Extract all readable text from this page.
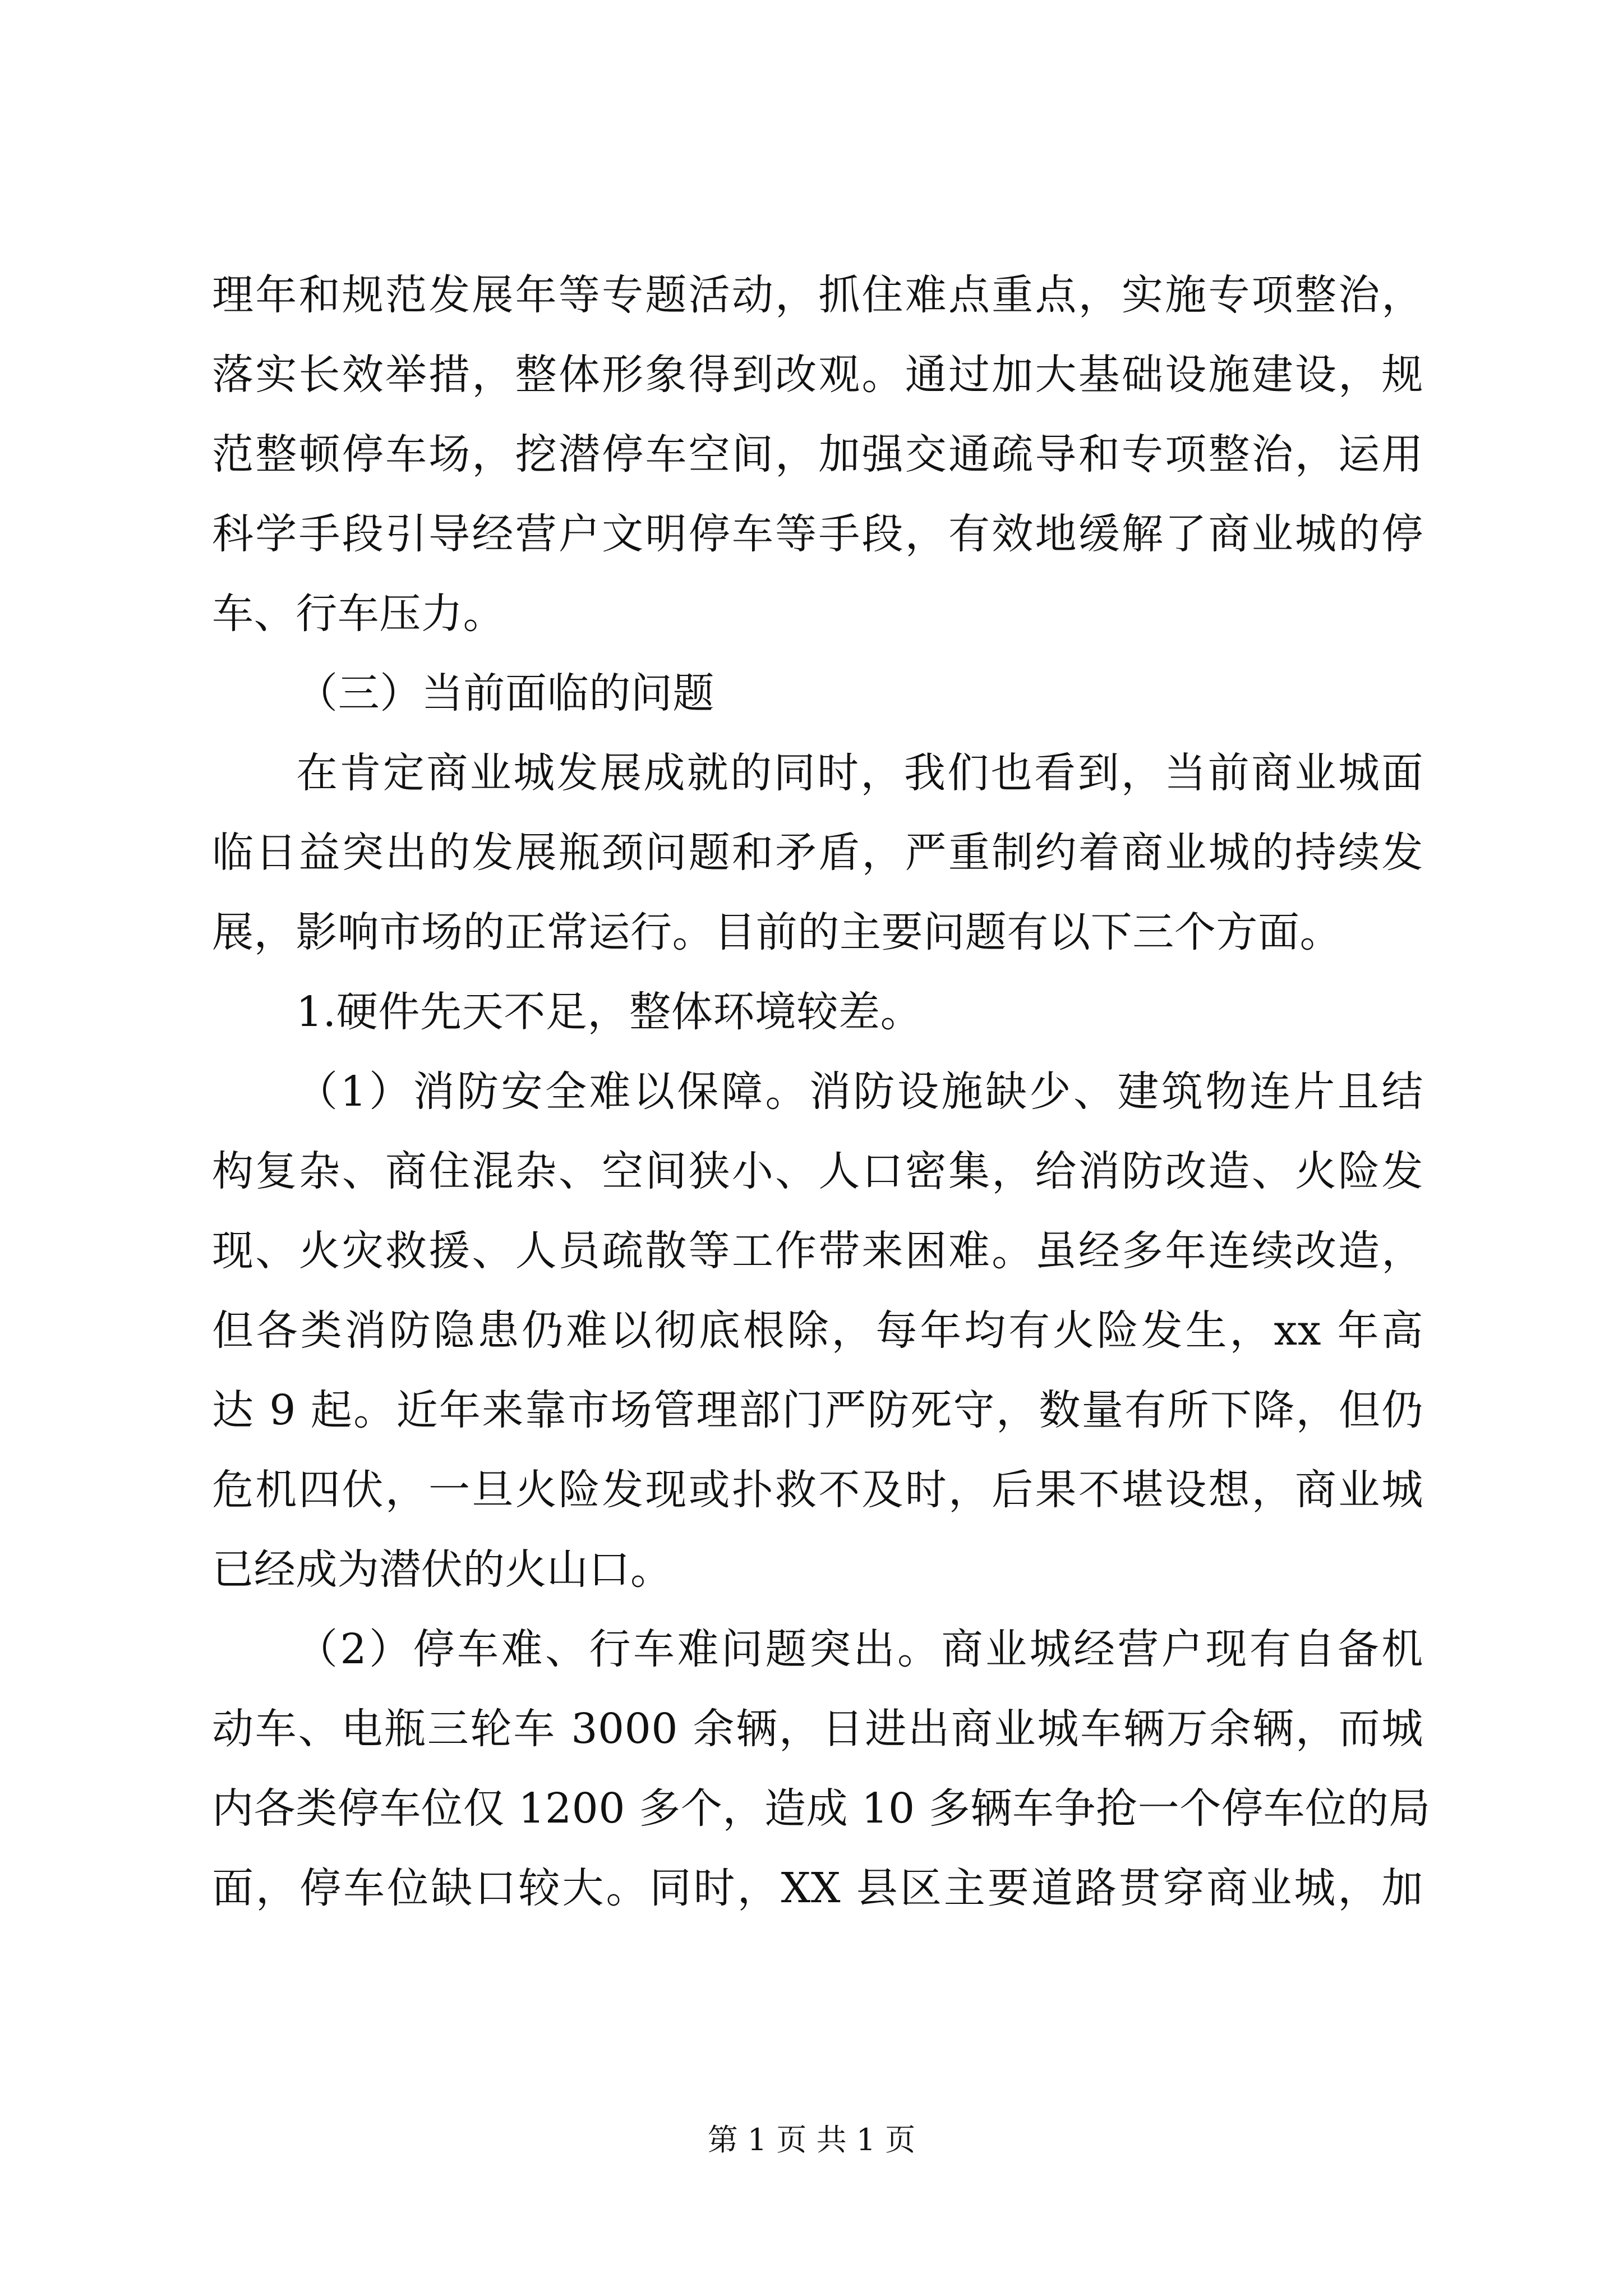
理年和规范发展年等专题活动，抓住难点重点，实施专项整治，
落实长效举措，整体形象得到改观。通过加大基础设施建设，规
范整顿停车场，挖潜停车空间，加强交通疏导和专项整治，运用
科学手段引导经营户文明停车等手段，有效地缓解了商业城的停
车、行车压力。
（三）当前面临的问题
在肯定商业城发展成就的同时，我们也看到，当前商业城面
临日益突出的发展瓶颈问题和矛盾，严重制约着商业城的持续发
展，影响市场的正常运行。目前的主要问题有以下三个方面。
1.硬件先天不足，整体环境较差。
（1）消防安全难以保障。消防设施缺少、建筑物连片且结
构复杂、商住混杂、空间狭小、人口密集，给消防改造、火险发
现、火灾救援、人员疏散等工作带来困难。虽经多年连续改造，
但各类消防隐患仍难以彻底根除，每年均有火险发生，xx 年高
达 9 起。近年来靠市场管理部门严防死守，数量有所下降，但仍
危机四伏，一旦火险发现或扑救不及时，后果不堪设想，商业城
已经成为潜伏的火山口。
（2）停车难、行车难问题突出。商业城经营户现有自备机
动车、电瓶三轮车 3000 余辆，日进出商业城车辆万余辆，而城
内各类停车位仅 1200 多个，造成 10 多辆车争抢一个停车位的局
面，停车位缺口较大。同时，XX 县区主要道路贯穿商业城，加
第 1 页 共 1 页
